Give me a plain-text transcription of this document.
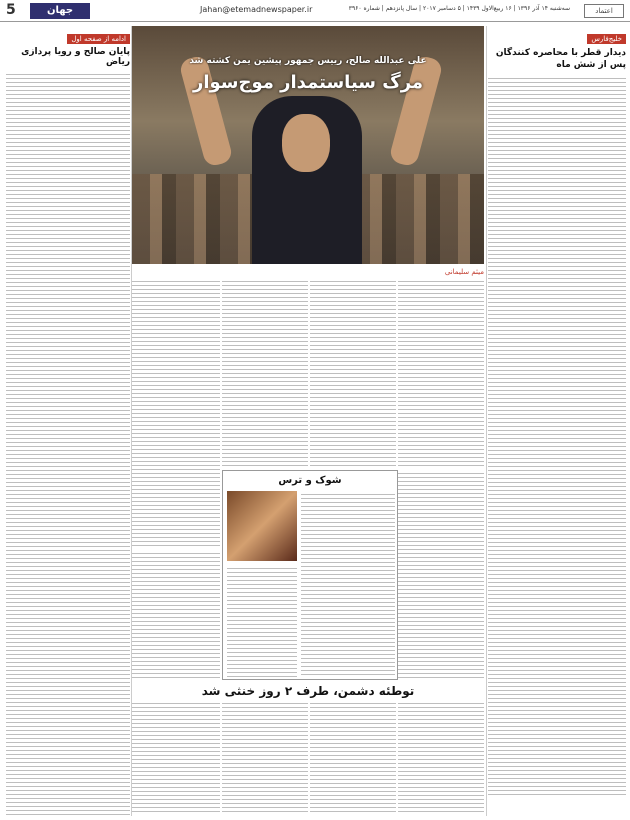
5	جهان	Jahan@etemadnewspaper.ir	سه‌شنبه ۱۴ آذر ۱۳۹۶ | ۱۶ ربیع‌الاول ۱۴۳۹ | ۵ دسامبر ۲۰۱۷ | سال پانزدهم | شماره ۳۹۶۰	اعتماد
خلیج‌فارس
دیدار قطر با محاصره کنندگان پس از شش ماه
ادامه از صفحه اول
پایان صالح و رویا پردازی ریاض	علی عبدالله صالح، رییس جمهور پیشین یمن کشته شد
مرگ سیاستمدار موج‌سوار
میثم سلیمانی
شوک و ترس
توطئه دشمن، طرف ۲ روز خنثی شد
